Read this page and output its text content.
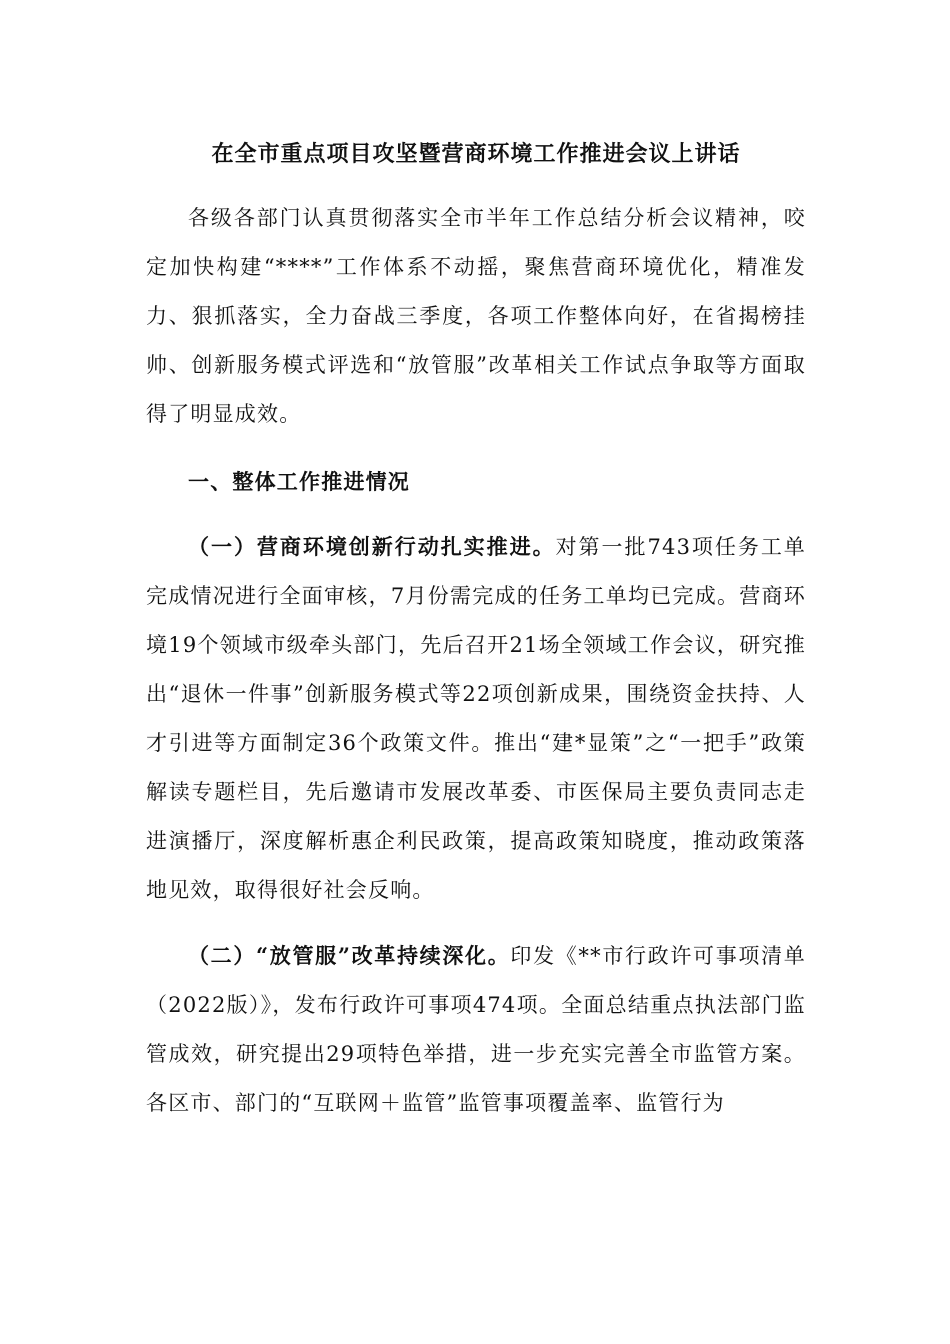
在全市重点项目攻坚暨营商环境工作推进会议上讲话

各级各部门认真贯彻落实全市半年工作总结分析会议精神，咬定加快构建“****”工作体系不动摇，聚焦营商环境优化，精准发力、狠抓落实，全力奋战三季度，各项工作整体向好，在省揭榜挂帅、创新服务模式评选和“放管服”改革相关工作试点争取等方面取得了明显成效。

一、整体工作推进情况

（一）营商环境创新行动扎实推进。对第一批743项任务工单完成情况进行全面审核，7月份需完成的任务工单均已完成。营商环境19个领域市级牵头部门，先后召开21场全领域工作会议，研究推出“退休一件事”创新服务模式等22项创新成果，围绕资金扶持、人才引进等方面制定36个政策文件。推出“建*显策”之“一把手”政策解读专题栏目，先后邀请市发展改革委、市医保局主要负责同志走进演播厅，深度解析惠企利民政策，提高政策知晓度，推动政策落地见效，取得很好社会反响。

（二）“放管服”改革持续深化。印发《**市行政许可事项清单（2022版）》，发布行政许可事项474项。全面总结重点执法部门监管成效，研究提出29项特色举措，进一步充实完善全市监管方案。各区市、部门的“互联网＋监管”监管事项覆盖率、监管行为
